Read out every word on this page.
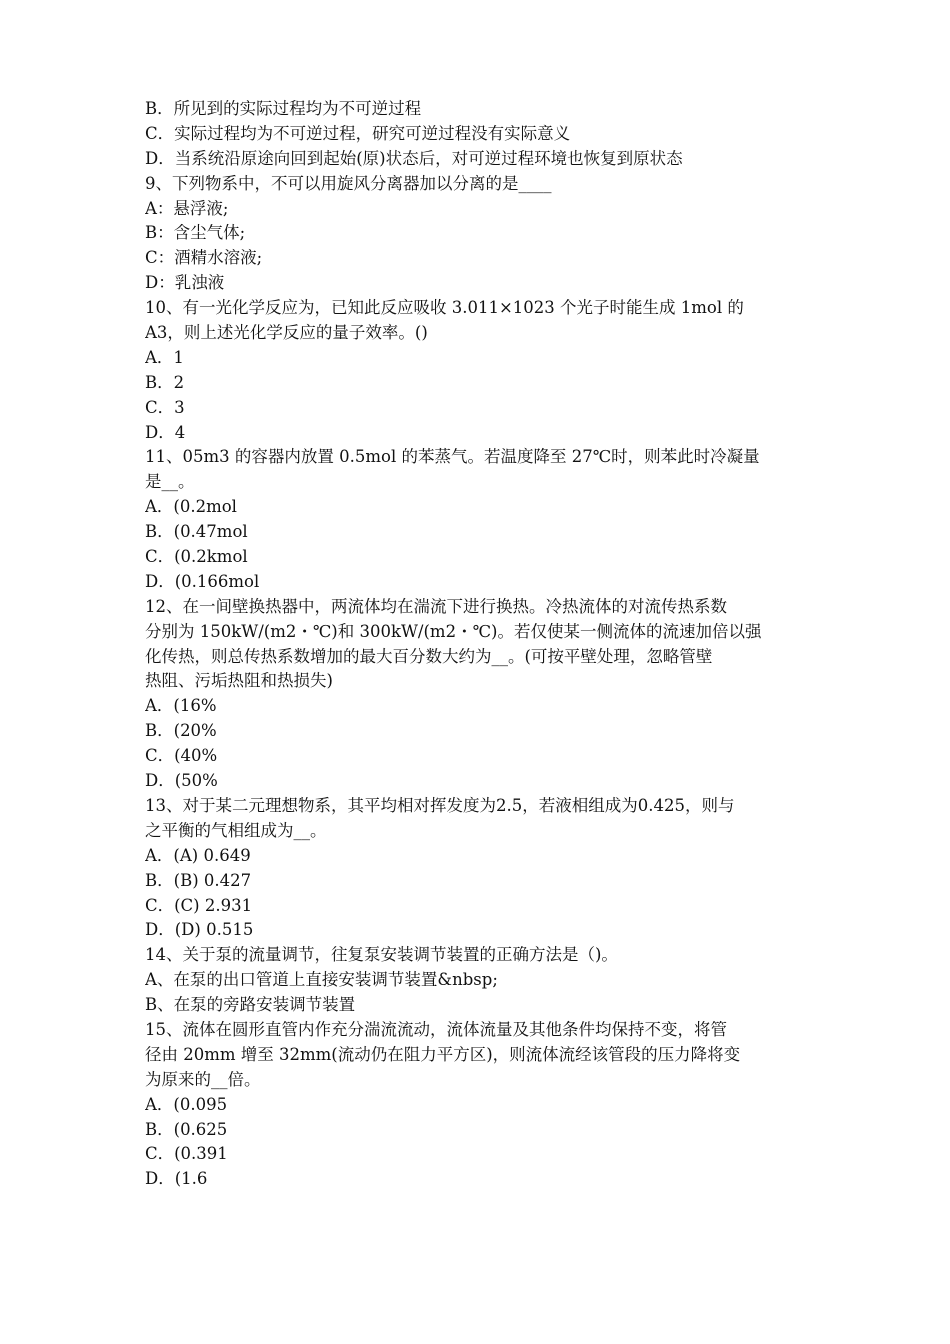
B．所见到的实际过程均为不可逆过程
C．实际过程均为不可逆过程，研究可逆过程没有实际意义
D．当系统沿原途向回到起始(原)状态后，对可逆过程环境也恢复到原状态
9、下列物系中，不可以用旋风分离器加以分离的是____
A：悬浮液;
B：含尘气体;
C：酒精水溶液;
D：乳浊液
10、有一光化学反应为，已知此反应吸收 3.011×1023 个光子时能生成 1mol 的
A3，则上述光化学反应的量子效率。()
A．1
B．2
C．3
D．4
11、05m3 的容器内放置 0.5mol 的苯蒸气。若温度降至 27℃时，则苯此时冷凝量
是__。
A．(0.2mol
B．(0.47mol
C．(0.2kmol
D．(0.166mol
12、在一间壁换热器中，两流体均在湍流下进行换热。冷热流体的对流传热系数
分别为 150kW/(m2・℃)和 300kW/(m2・℃)。若仅使某一侧流体的流速加倍以强
化传热，则总传热系数增加的最大百分数大约为__。(可按平壁处理，忽略管壁
热阻、污垢热阻和热损失)
A．(16%
B．(20%
C．(40%
D．(50%
13、对于某二元理想物系，其平均相对挥发度为2.5，若液相组成为0.425，则与
之平衡的气相组成为__。
A．(A) 0.649
B．(B) 0.427
C．(C) 2.931
D．(D) 0.515
14、关于泵的流量调节，往复泵安装调节装置的正确方法是（)。
A、在泵的出口管道上直接安装调节装置&nbsp;
B、在泵的旁路安装调节装置
15、流体在圆形直管内作充分湍流流动，流体流量及其他条件均保持不变，将管
径由 20mm 增至 32mm(流动仍在阻力平方区)，则流体流经该管段的压力降将变
为原来的__倍。
A．(0.095
B．(0.625
C．(0.391
D．(1.6
